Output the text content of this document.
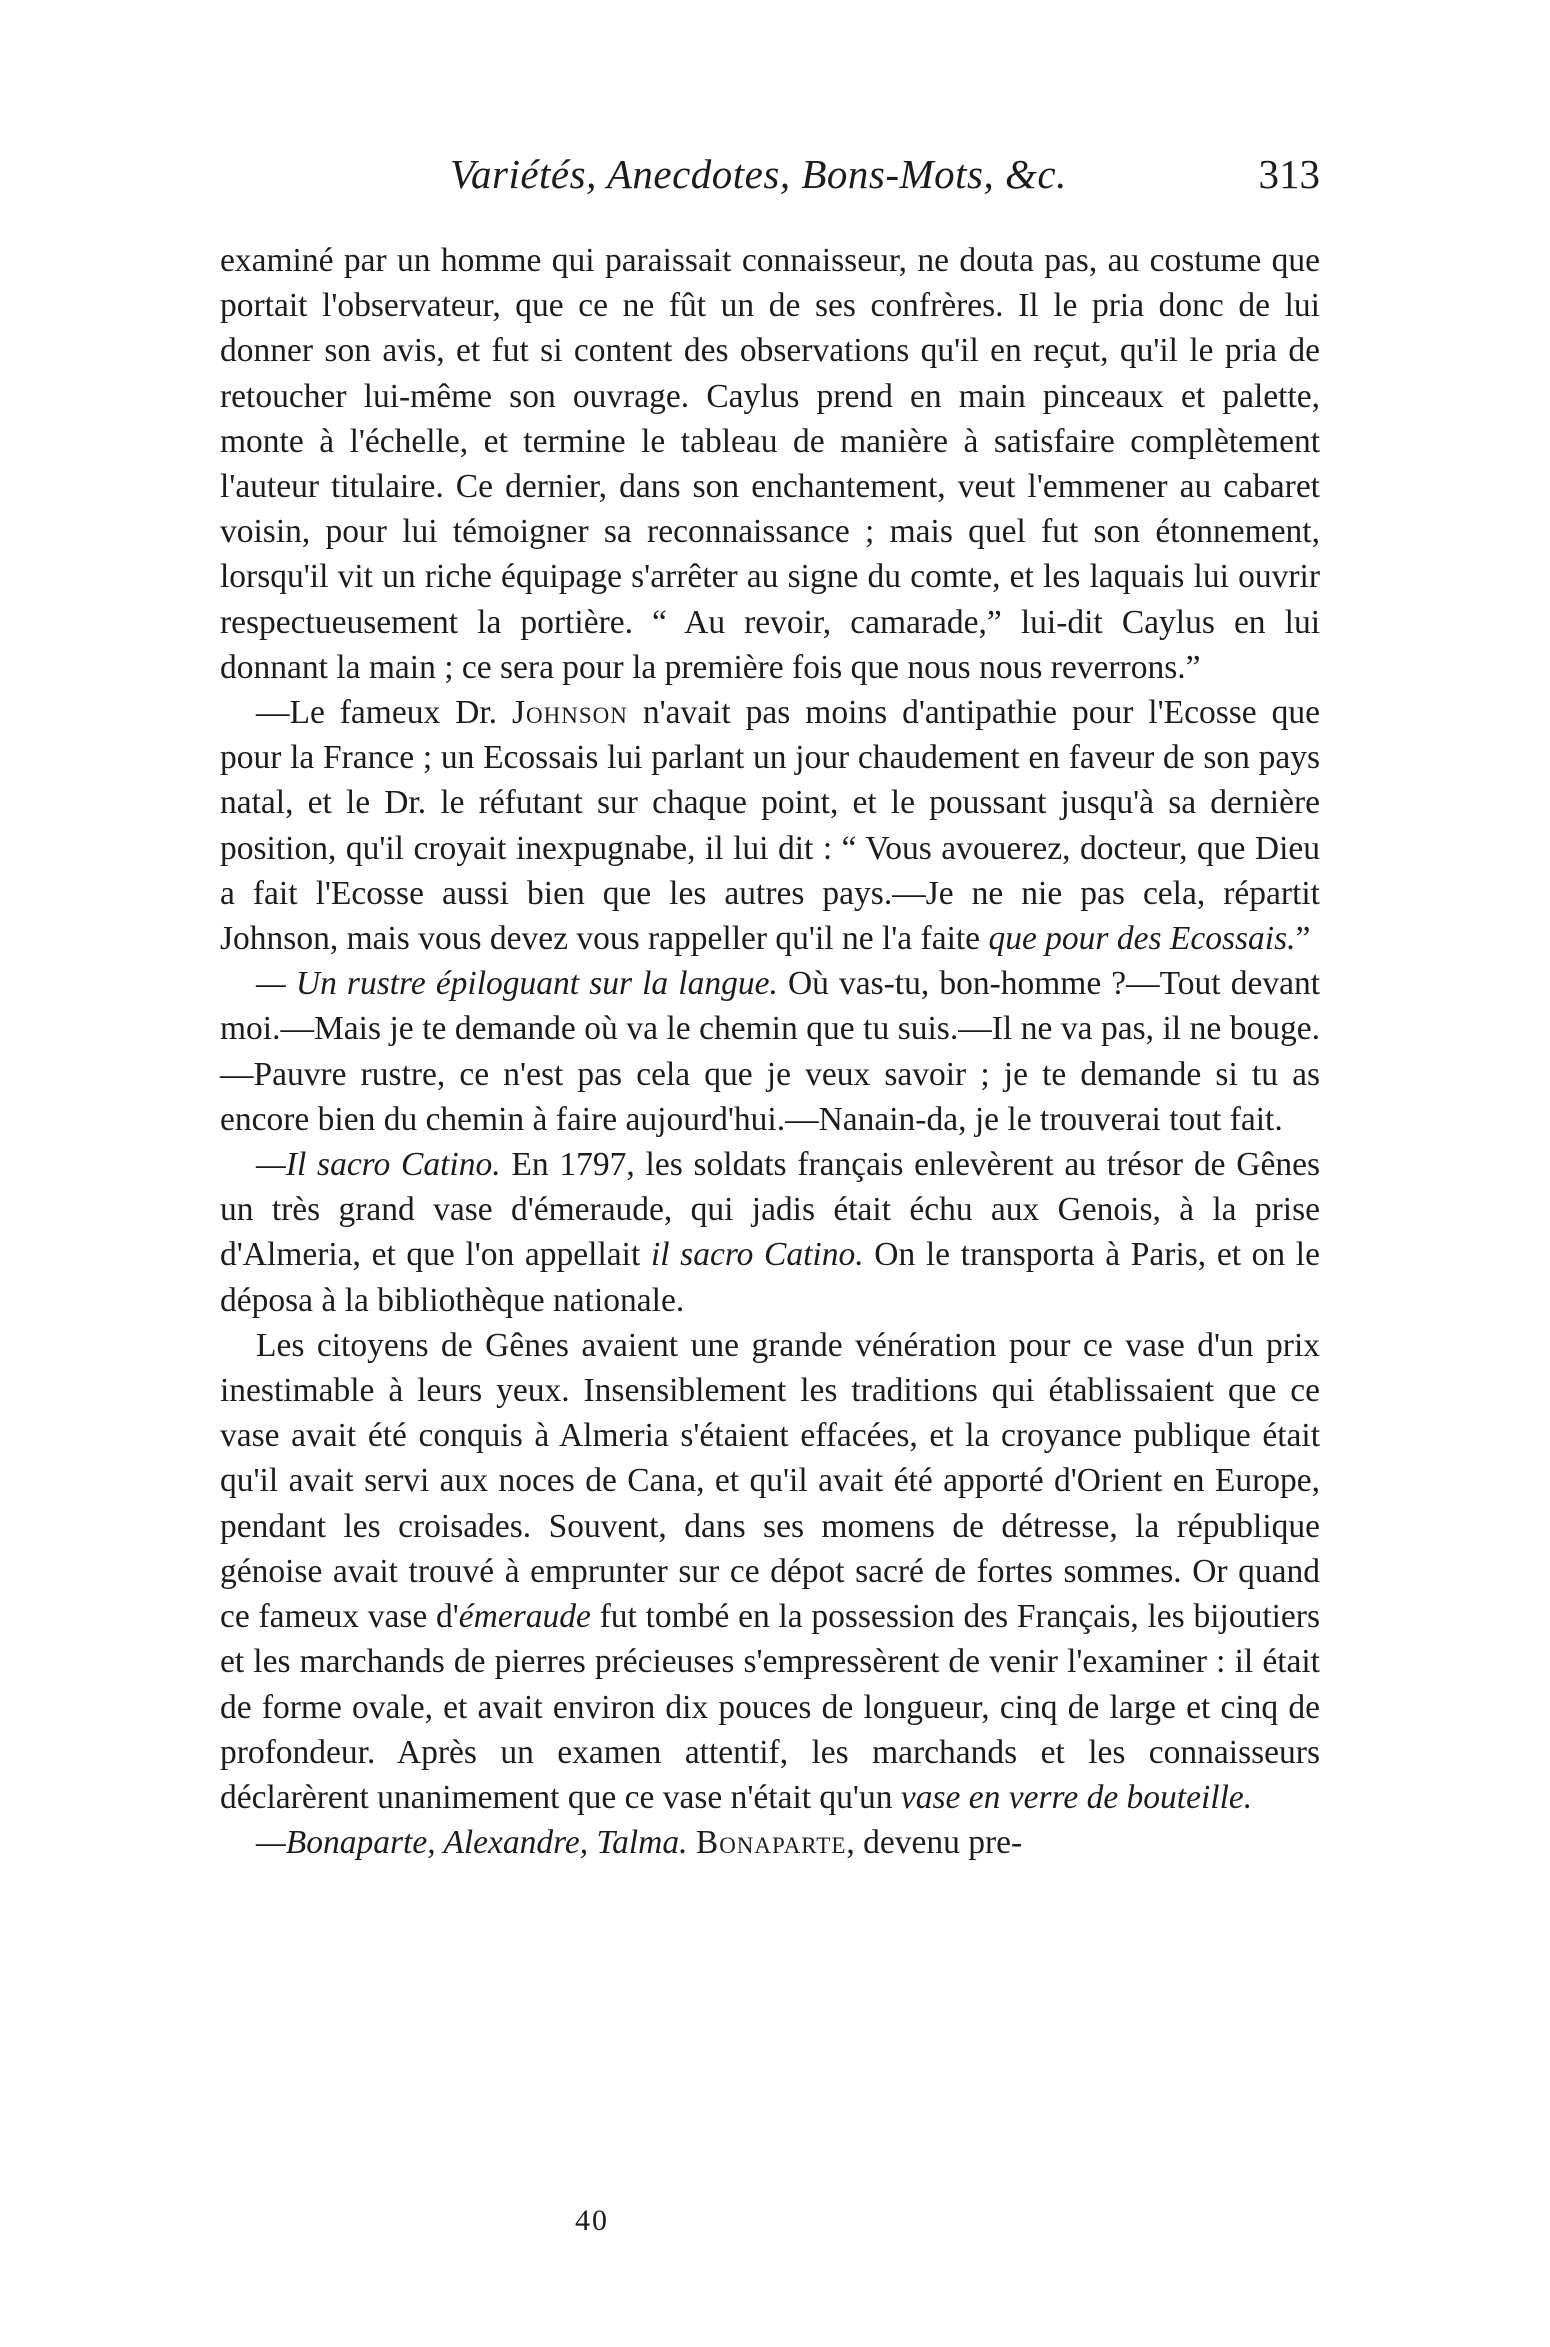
Variétés, Anecdotes, Bons-Mots, &c.	313

examiné par un homme qui paraissait connaisseur, ne douta pas, au costume que portait l'observateur, que ce ne fût un de ses confrères. Il le pria donc de lui donner son avis, et fut si content des observations qu'il en reçut, qu'il le pria de retoucher lui-même son ouvrage. Caylus prend en main pinceaux et palette, monte à l'échelle, et termine le tableau de manière à satisfaire complètement l'auteur titulaire. Ce dernier, dans son enchantement, veut l'emmener au cabaret voisin, pour lui témoigner sa reconnaissance ; mais quel fut son étonnement, lorsqu'il vit un riche équipage s'arrêter au signe du comte, et les laquais lui ouvrir respectueusement la portière. “ Au revoir, camarade,” lui-dit Caylus en lui donnant la main ; ce sera pour la première fois que nous nous reverrons.”

—Le fameux Dr. Johnson n'avait pas moins d'antipathie pour l'Ecosse que pour la France ; un Ecossais lui parlant un jour chaudement en faveur de son pays natal, et le Dr. le réfutant sur chaque point, et le poussant jusqu'à sa dernière position, qu'il croyait inexpugnabe, il lui dit : “ Vous avouerez, docteur, que Dieu a fait l'Ecosse aussi bien que les autres pays.—Je ne nie pas cela, répartit Johnson, mais vous devez vous rappeller qu'il ne l'a faite que pour des Ecossais.”

— Un rustre épiloguant sur la langue. Où vas-tu, bon-homme ?—Tout devant moi.—Mais je te demande où va le chemin que tu suis.—Il ne va pas, il ne bouge.—Pauvre rustre, ce n'est pas cela que je veux savoir ; je te demande si tu as encore bien du chemin à faire aujourd'hui.—Nanain-da, je le trouverai tout fait.

—Il sacro Catino. En 1797, les soldats français enlevèrent au trésor de Gênes un très grand vase d'émeraude, qui jadis était échu aux Genois, à la prise d'Almeria, et que l'on appellait il sacro Catino. On le transporta à Paris, et on le déposa à la bibliothèque nationale.

Les citoyens de Gênes avaient une grande vénération pour ce vase d'un prix inestimable à leurs yeux. Insensiblement les traditions qui établissaient que ce vase avait été conquis à Almeria s'étaient effacées, et la croyance publique était qu'il avait servi aux noces de Cana, et qu'il avait été apporté d'Orient en Europe, pendant les croisades. Souvent, dans ses momens de détresse, la république génoise avait trouvé à emprunter sur ce dépot sacré de fortes sommes. Or quand ce fameux vase d'émeraude fut tombé en la possession des Français, les bijoutiers et les marchands de pierres précieuses s'empressèrent de venir l'examiner : il était de forme ovale, et avait environ dix pouces de longueur, cinq de large et cinq de profondeur. Après un examen attentif, les marchands et les connaisseurs déclarèrent unanimement que ce vase n'était qu'un vase en verre de bouteille.

—Bonaparte, Alexandre, Talma. Bonaparte, devenu pre-

40
